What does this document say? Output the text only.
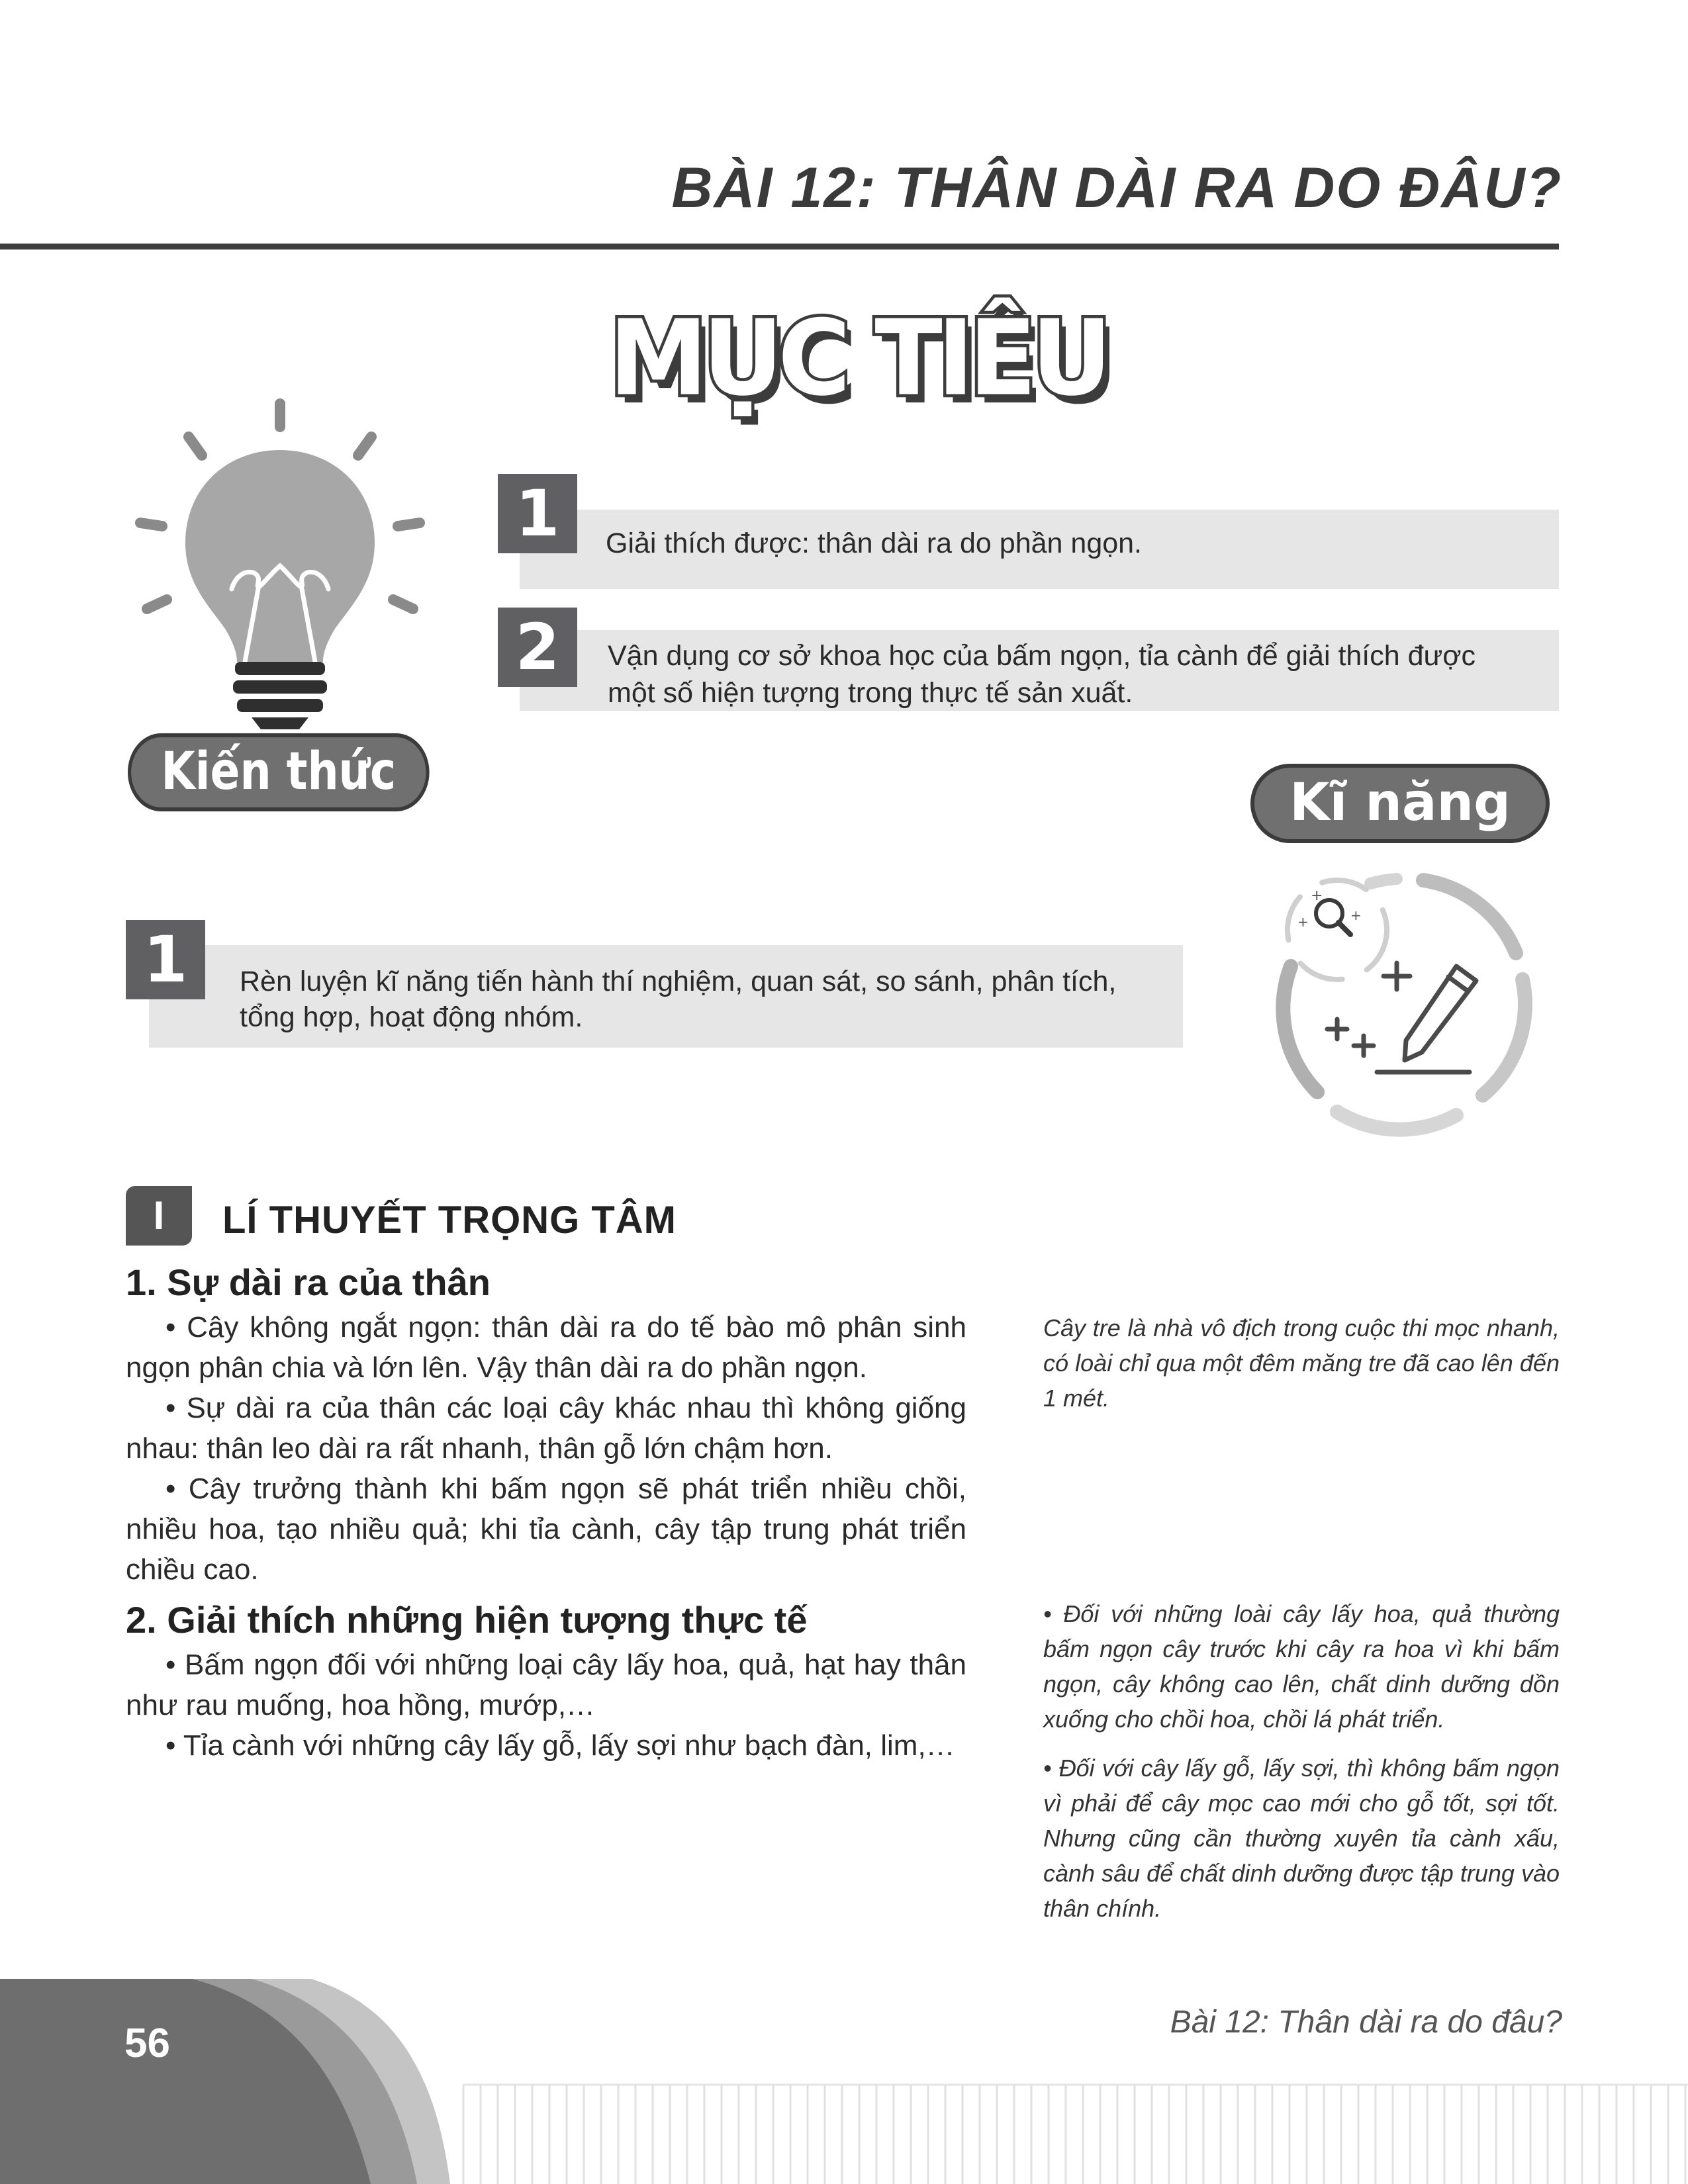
BÀI 12: THÂN DÀI RA DO ĐÂU?
MỤC TIÊU
Kiến thức
1	Giải thích được: thân dài ra do phần ngọn.
2	Vận dụng cơ sở khoa học của bấm ngọn, tỉa cành để giải thích được
một số hiện tượng trong thực tế sản xuất.
Kĩ năng
1	Rèn luyện kĩ năng tiến hành thí nghiệm, quan sát, so sánh, phân tích,
tổng hợp, hoạt động nhóm.
+
+	+
I	LÍ THUYẾT TRỌNG TÂM
1. Sự dài ra của thân
• Cây không ngắt ngọn: thân dài ra do tế bào mô phân sinh ngọn phân chia và lớn lên. Vậy thân dài ra do phần ngọn.
• Sự dài ra của thân các loại cây khác nhau thì không giống nhau: thân leo dài ra rất nhanh, thân gỗ lớn chậm hơn.
• Cây trưởng thành khi bấm ngọn sẽ phát triển nhiều chồi, nhiều hoa, tạo nhiều quả; khi tỉa cành, cây tập trung phát triển chiều cao.
Cây tre là nhà vô địch trong cuộc thi mọc nhanh, có loài chỉ qua một đêm măng tre đã cao lên đến 1 mét.
2. Giải thích những hiện tượng thực tế
• Bấm ngọn đối với những loại cây lấy hoa, quả, hạt hay thân như rau muống, hoa hồng, mướp,…
• Tỉa cành với những cây lấy gỗ, lấy sợi như bạch đàn, lim,…
• Đối với những loài cây lấy hoa, quả thường bấm ngọn cây trước khi cây ra hoa vì khi bấm ngọn, cây không cao lên, chất dinh dưỡng dồn xuống cho chồi hoa, chồi lá phát triển.
• Đối với cây lấy gỗ, lấy sợi, thì không bấm ngọn vì phải để cây mọc cao mới cho gỗ tốt, sợi tốt. Nhưng cũng cần thường xuyên tỉa cành xấu, cành sâu để chất dinh dưỡng được tập trung vào thân chính.
56	Bài 12: Thân dài ra do đâu?
